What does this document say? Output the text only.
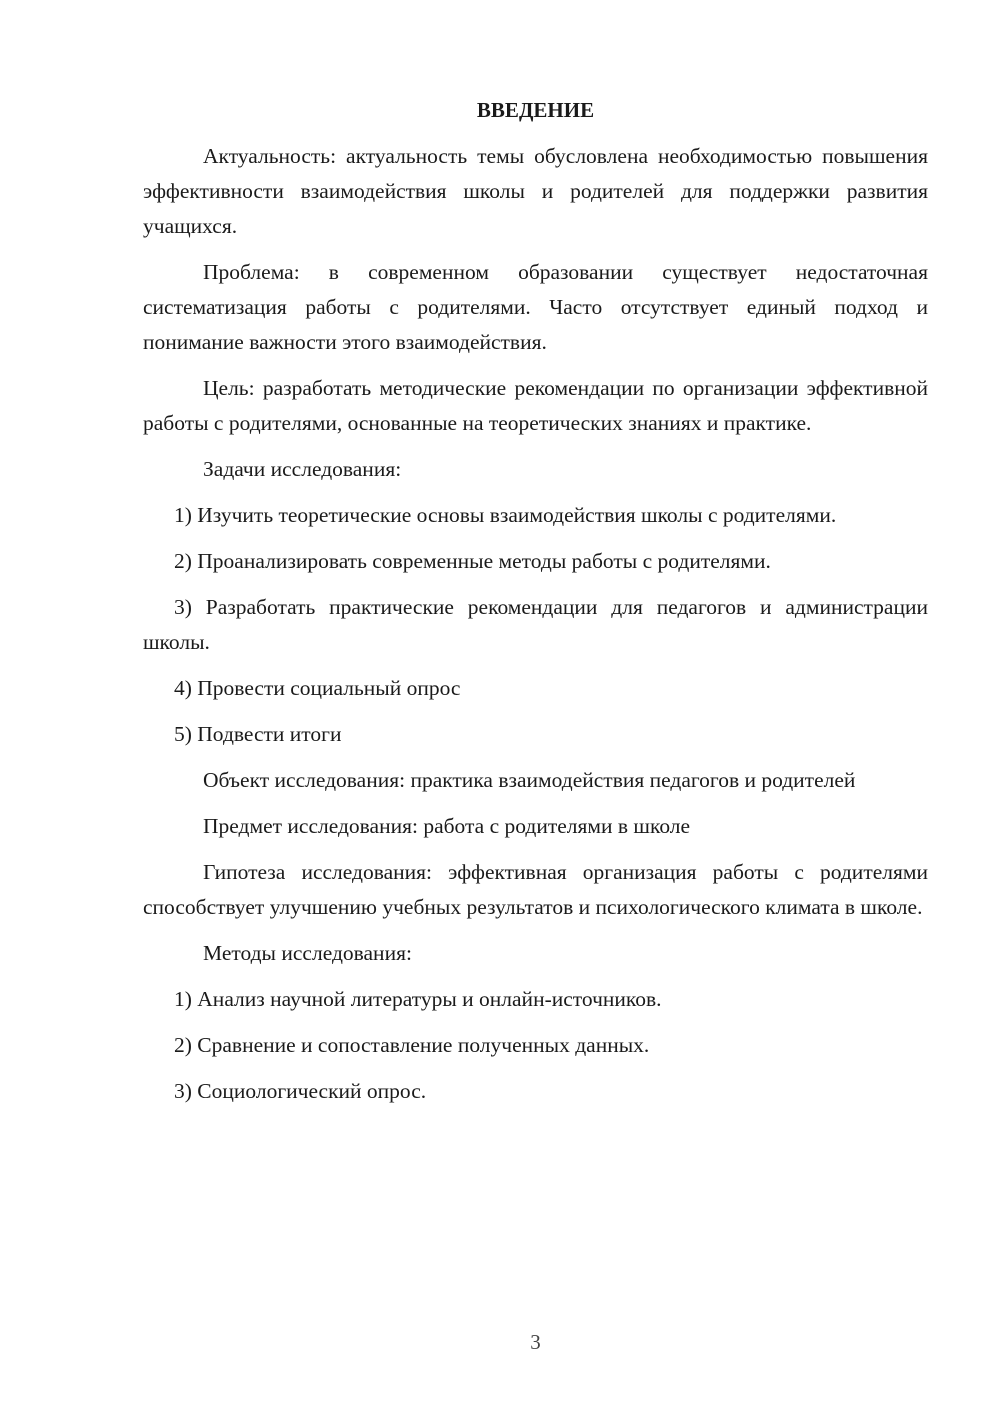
ВВЕДЕНИЕ

Актуальность: актуальность темы обусловлена необходимостью повышения эффективности взаимодействия школы и родителей для поддержки развития учащихся.

Проблема: в современном образовании существует недостаточная систематизация работы с родителями. Часто отсутствует единый подход и понимание важности этого взаимодействия.

Цель: разработать методические рекомендации по организации эффективной работы с родителями, основанные на теоретических знаниях и практике.

Задачи исследования:

1) Изучить теоретические основы взаимодействия школы с родителями.

2) Проанализировать современные методы работы с родителями.

3) Разработать практические рекомендации для педагогов и администрации школы.

4) Провести социальный опрос

5) Подвести итоги

Объект исследования: практика взаимодействия педагогов и родителей

Предмет исследования: работа с родителями в школе

Гипотеза исследования: эффективная организация работы с родителями способствует улучшению учебных результатов и психологического климата в школе.

Методы исследования:

1) Анализ научной литературы и онлайн-источников.

2) Сравнение и сопоставление полученных данных.

3) Социологический опрос.

3
